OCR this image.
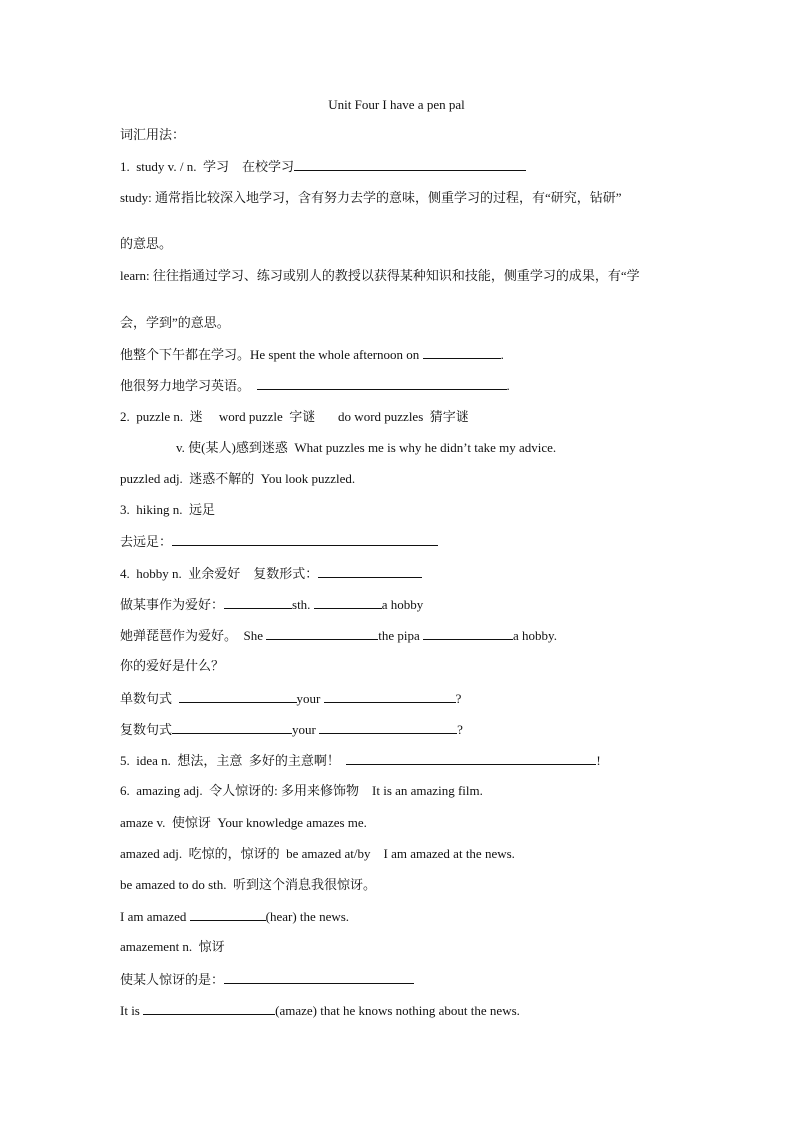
Unit Four I have a pen pal
词汇用法：
1.  study v. / n.  学习    在校学习
study: 通常指比较深入地学习，含有努力去学的意味，侧重学习的过程，有“研究，钻研”
的意思。
learn: 往往指通过学习、练习或别人的教授以获得某种知识和技能，侧重学习的成果，有“学
会，学到”的意思。
他整个下午都在学习。He spent the whole afternoon on	.
他很努力地学习英语。	.
2.  puzzle n.  迷     word puzzle  字谜       do word puzzles  猜字谜
v. 使(某人)感到迷惑  What puzzles me is why he didn’t take my advice.
puzzled adj.  迷惑不解的  You look puzzled.
3.  hiking n.  远足
去远足：
4.  hobby n.  业余爱好    复数形式：
做某事作为爱好：	sth.	a hobby
她弹琵琶作为爱好。  She	the pipa	a hobby.
你的爱好是什么？
单数句式	your	?
复数句式	your	?
5.  idea n.  想法，主意  多好的主意啊！	!
6.  amazing adj.  令人惊讶的: 多用来修饰物    It is an amazing film.
amaze v.  使惊讶  Your knowledge amazes me.
amazed adj.  吃惊的，惊讶的  be amazed at/by    I am amazed at the news.
be amazed to do sth.  听到这个消息我很惊讶。
I am amazed	(hear) the news.
amazement n.  惊讶
使某人惊讶的是：
It is	(amaze) that he knows nothing about the news.
